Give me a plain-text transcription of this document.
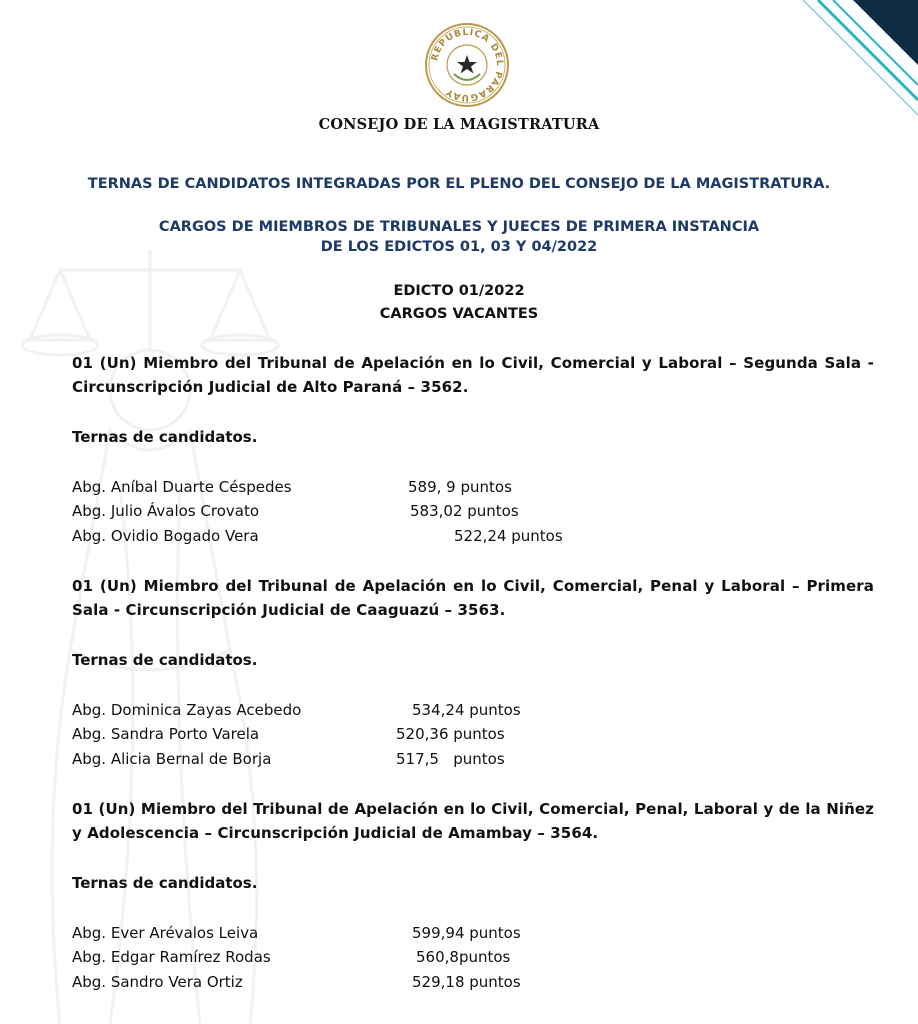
REPÚBLICA DEL PARAGUAY
CONSEJO DE LA MAGISTRATURA
TERNAS DE CANDIDATOS INTEGRADAS POR EL PLENO DEL CONSEJO DE LA MAGISTRATURA.
CARGOS DE MIEMBROS DE TRIBUNALES Y JUECES DE PRIMERA INSTANCIA
DE LOS EDICTOS 01, 03 Y 04/2022
EDICTO 01/2022
CARGOS VACANTES
01 (Un) Miembro del Tribunal de Apelación en lo Civil, Comercial y Laboral – Segunda Sala - Circunscripción Judicial de Alto Paraná – 3562.
Ternas de candidatos.
Abg. Aníbal Duarte Céspedes	589, 9 puntos
Abg. Julio Ávalos Crovato	583,02 puntos
Abg. Ovidio Bogado Vera	522,24 puntos
01 (Un) Miembro del Tribunal de Apelación en lo Civil, Comercial, Penal y Laboral – Primera Sala - Circunscripción Judicial de Caaguazú – 3563.
Ternas de candidatos.
Abg. Dominica Zayas Acebedo	534,24 puntos
Abg. Sandra Porto Varela	520,36 puntos
Abg. Alicia Bernal de Borja	517,5   puntos
01 (Un) Miembro del Tribunal de Apelación en lo Civil, Comercial, Penal, Laboral y de la Niñez y Adolescencia – Circunscripción Judicial de Amambay – 3564.
Ternas de candidatos.
Abg. Ever Arévalos Leiva	599,94 puntos
Abg. Edgar Ramírez Rodas	560,8puntos
Abg. Sandro Vera Ortiz	529,18 puntos
